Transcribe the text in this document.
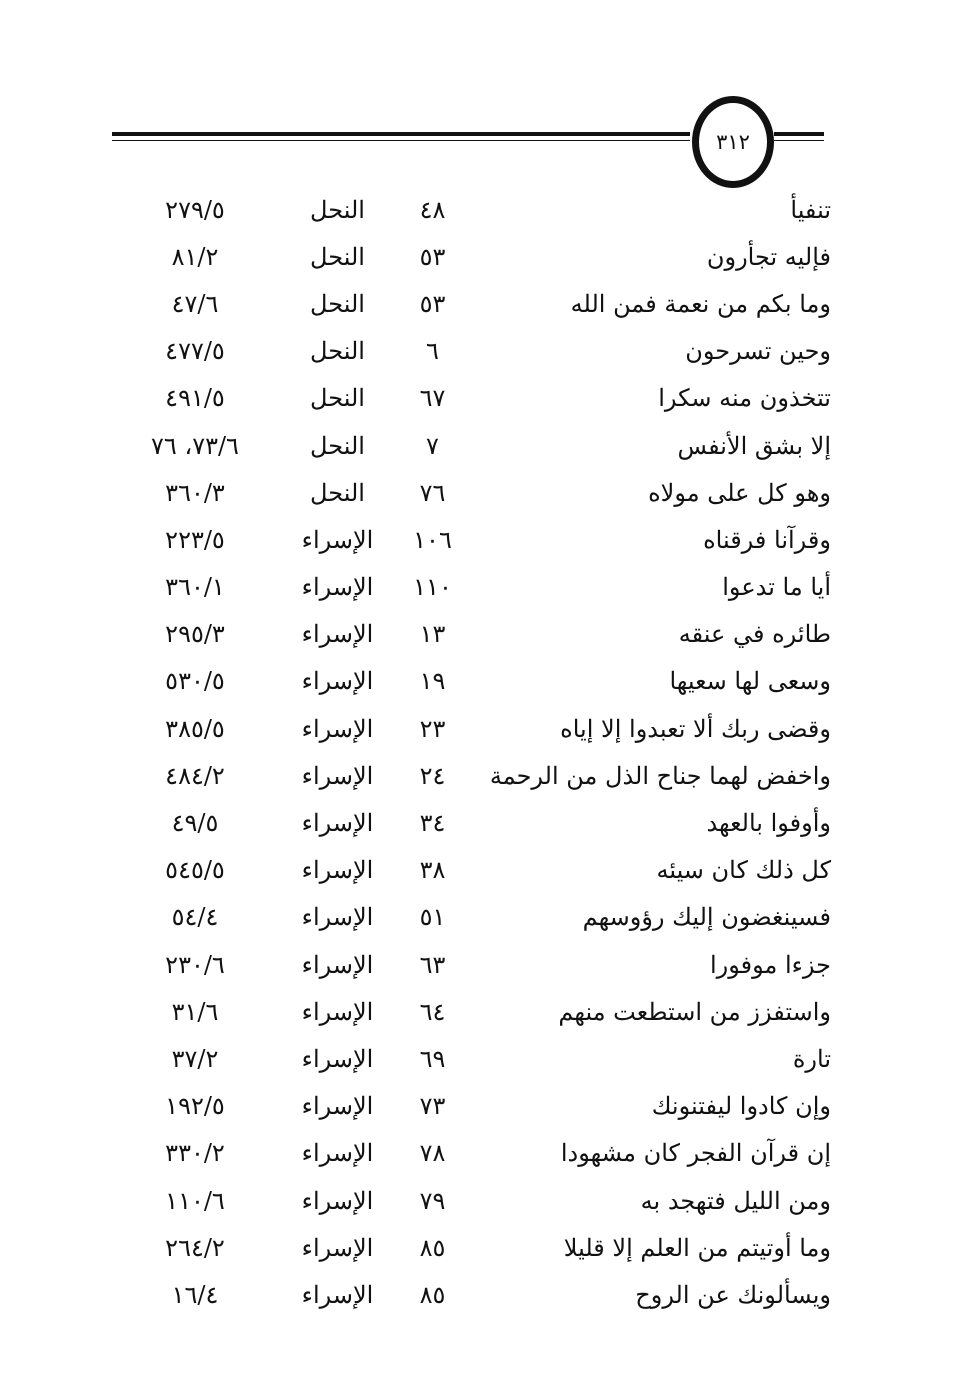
٣١٢
تنفيأ
٤٨
النحل
٢٧٩/٥
فإليه تجأرون
٥٣
النحل
٨١/٢
وما بكم من نعمة فمن الله
٥٣
النحل
٤٧/٦
وحين تسرحون
٦
النحل
٤٧٧/٥
تتخذون منه سكرا
٦٧
النحل
٤٩١/٥
إلا بشق الأنفس
٧
النحل
٧٣/٦، ٧٦
وهو كل على مولاه
٧٦
النحل
٣٦٠/٣
وقرآنا فرقناه
١٠٦
الإسراء
٢٢٣/٥
أيا ما تدعوا
١١٠
الإسراء
٣٦٠/١
طائره في عنقه
١٣
الإسراء
٢٩٥/٣
وسعى لها سعيها
١٩
الإسراء
٥٣٠/٥
وقضى ربك ألا تعبدوا إلا إياه
٢٣
الإسراء
٣٨٥/٥
واخفض لهما جناح الذل من الرحمة
٢٤
الإسراء
٤٨٤/٢
وأوفوا بالعهد
٣٤
الإسراء
٤٩/٥
كل ذلك كان سيئه
٣٨
الإسراء
٥٤٥/٥
فسينغضون إليك رؤوسهم
٥١
الإسراء
٥٤/٤
جزءا موفورا
٦٣
الإسراء
٢٣٠/٦
واستفزز من استطعت منهم
٦٤
الإسراء
٣١/٦
تارة
٦٩
الإسراء
٣٧/٢
وإن كادوا ليفتنونك
٧٣
الإسراء
١٩٢/٥
إن قرآن الفجر كان مشهودا
٧٨
الإسراء
٣٣٠/٢
ومن الليل فتهجد به
٧٩
الإسراء
١١٠/٦
وما أوتيتم من العلم إلا قليلا
٨٥
الإسراء
٢٦٤/٢
ويسألونك عن الروح
٨٥
الإسراء
١٦/٤
